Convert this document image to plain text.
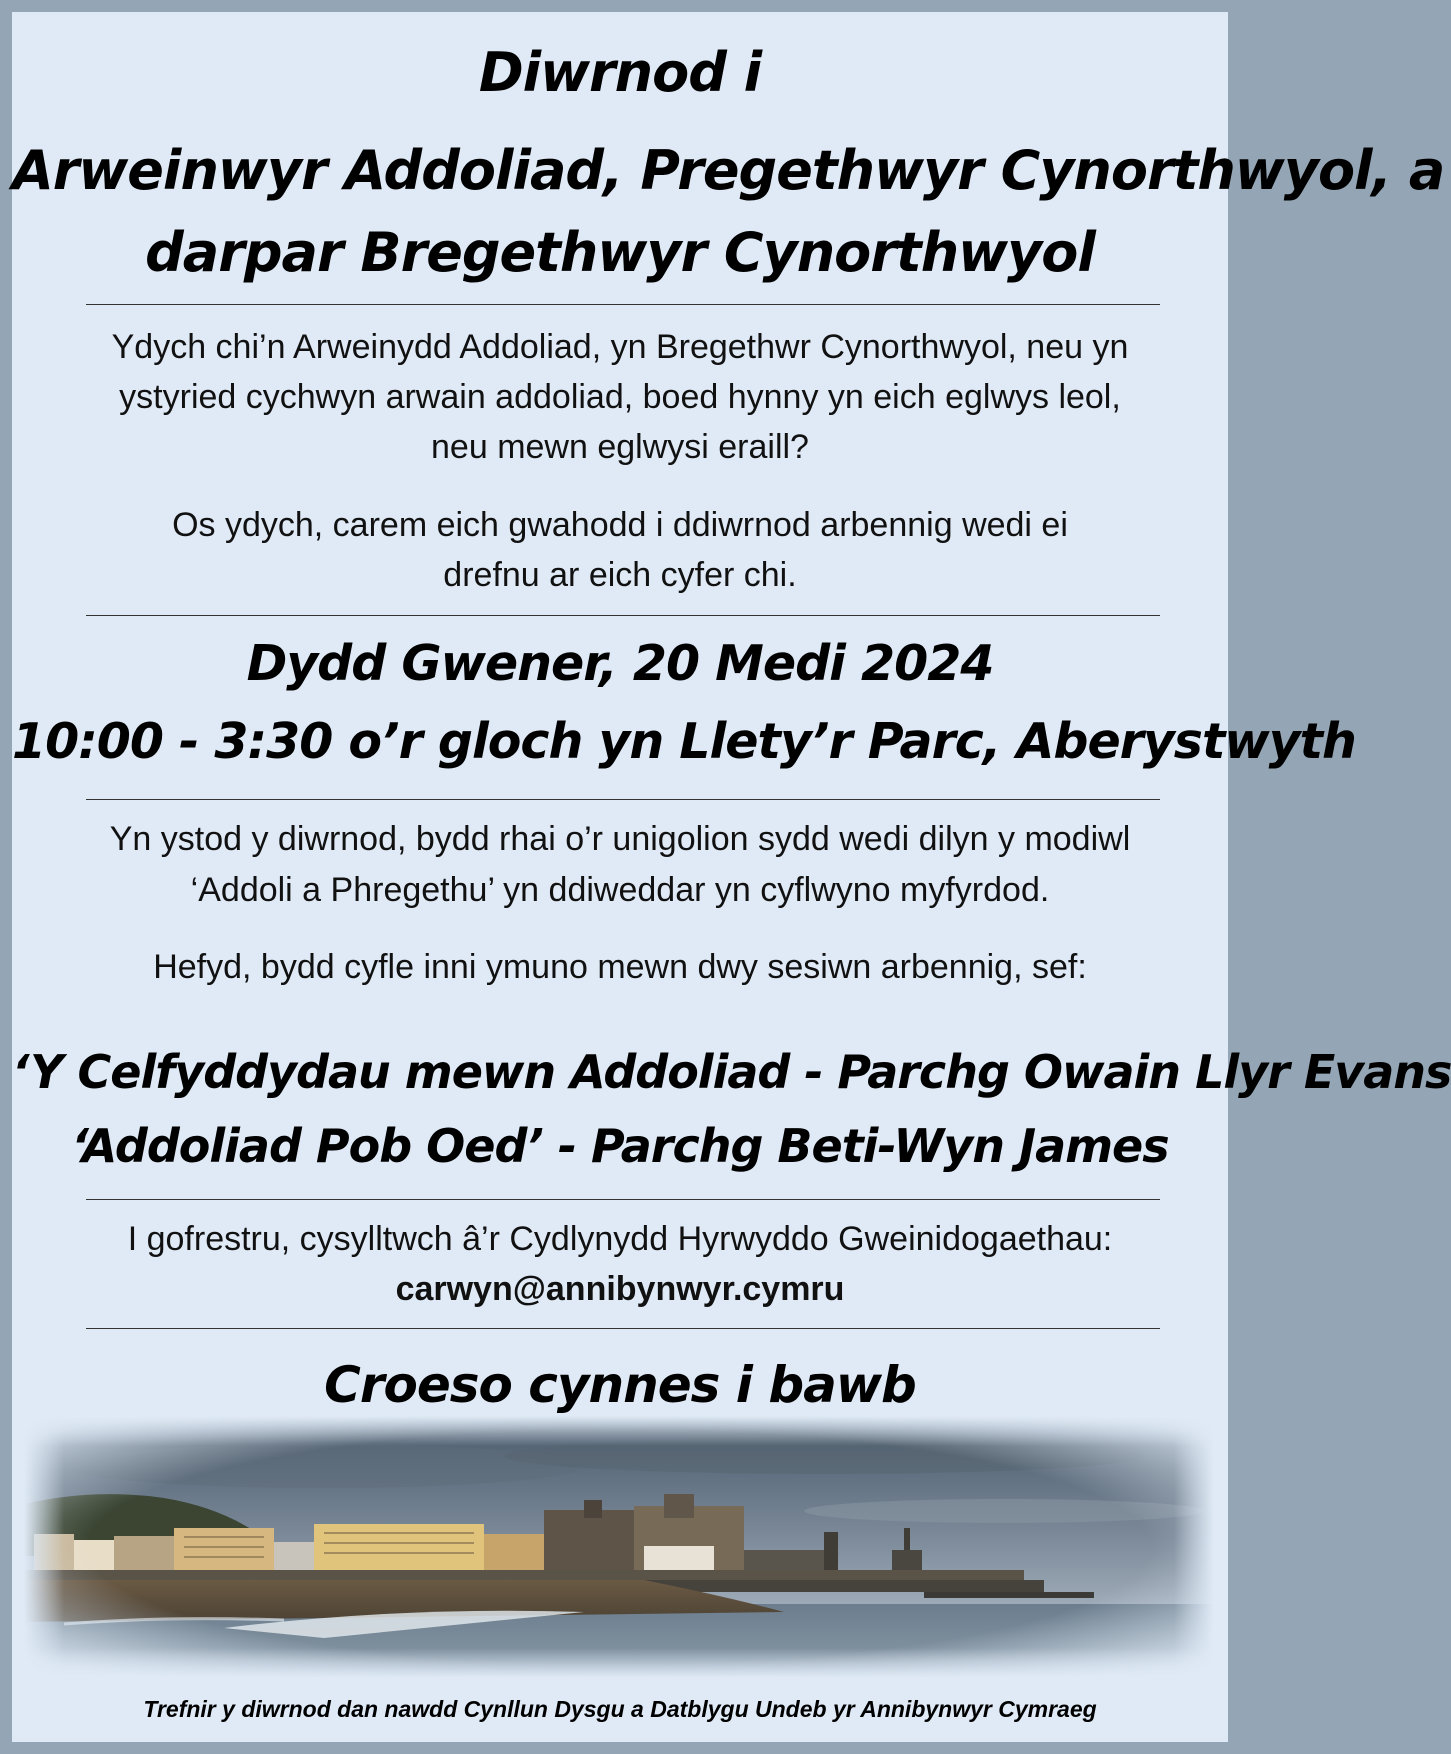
Diwrnod i
Arweinwyr Addoliad, Pregethwyr Cynorthwyol, a
darpar Bregethwyr Cynorthwyol
Ydych chi’n Arweinydd Addoliad, yn Bregethwr Cynorthwyol, neu yn
ystyried cychwyn arwain addoliad, boed hynny yn eich eglwys leol,
neu mewn eglwysi eraill?
Os ydych, carem eich gwahodd i ddiwrnod arbennig wedi ei
drefnu ar eich cyfer chi.
Dydd Gwener, 20 Medi 2024
10:00 - 3:30 o’r gloch yn Llety’r Parc, Aberystwyth
Yn ystod y diwrnod, bydd rhai o’r unigolion sydd wedi dilyn y modiwl
‘Addoli a Phregethu’ yn ddiweddar yn cyflwyno myfyrdod.
Hefyd, bydd cyfle inni ymuno mewn dwy sesiwn arbennig, sef:
‘Y Celfyddydau mewn Addoliad - Parchg Owain Llyr Evans
‘Addoliad Pob Oed’ - Parchg Beti-Wyn James
I gofrestru, cysylltwch â’r Cydlynydd Hyrwyddo Gweinidogaethau:
carwyn@annibynwyr.cymru
Croeso cynnes i bawb
Trefnir y diwrnod dan nawdd Cynllun Dysgu a Datblygu Undeb yr Annibynwyr Cymraeg
